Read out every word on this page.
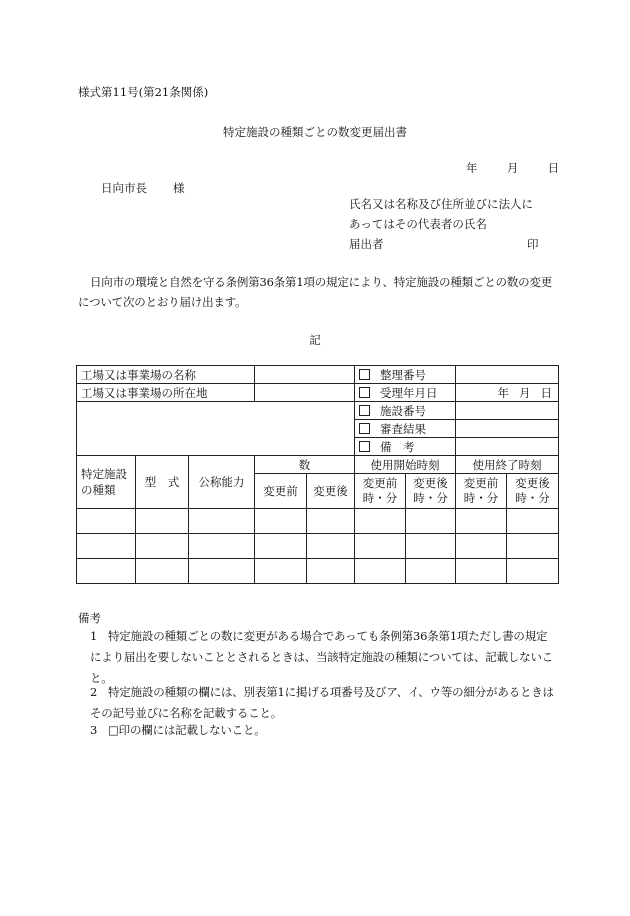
様式第11号(第21条関係)
特定施設の種類ごとの数変更届出書
年	月	日
日向市長 様
氏名又は名称及び住所並びに法人に
あってはその代表者の氏名
届出者	印
日向市の環境と自然を守る条例第36条第1項の規定により、特定施設の種類ごとの数の変更について次のとおり届け出ます。
記
工場又は事業場の名称					整理番号			
工場又は事業場の所在地					受理年月日		年 月 日	

					施設番号			
					審査結果			
					備　考			
特定施設の種類	型　式	公称能力	数		使用開始時刻		使用終了時刻	
			変更前	変更後	変更前時・分	変更後時・分	変更前時・分	変更後時・分

備考
1 特定施設の種類ごとの数に変更がある場合であっても条例第36条第1項ただし書の規定により届出を要しないこととされるときは、当該特定施設の種類については、記載しないこと。
2 特定施設の種類の欄には、別表第1に掲げる項番号及びア、イ、ウ等の細分があるときはその記号並びに名称を記載すること。
3 □印の欄には記載しないこと。
